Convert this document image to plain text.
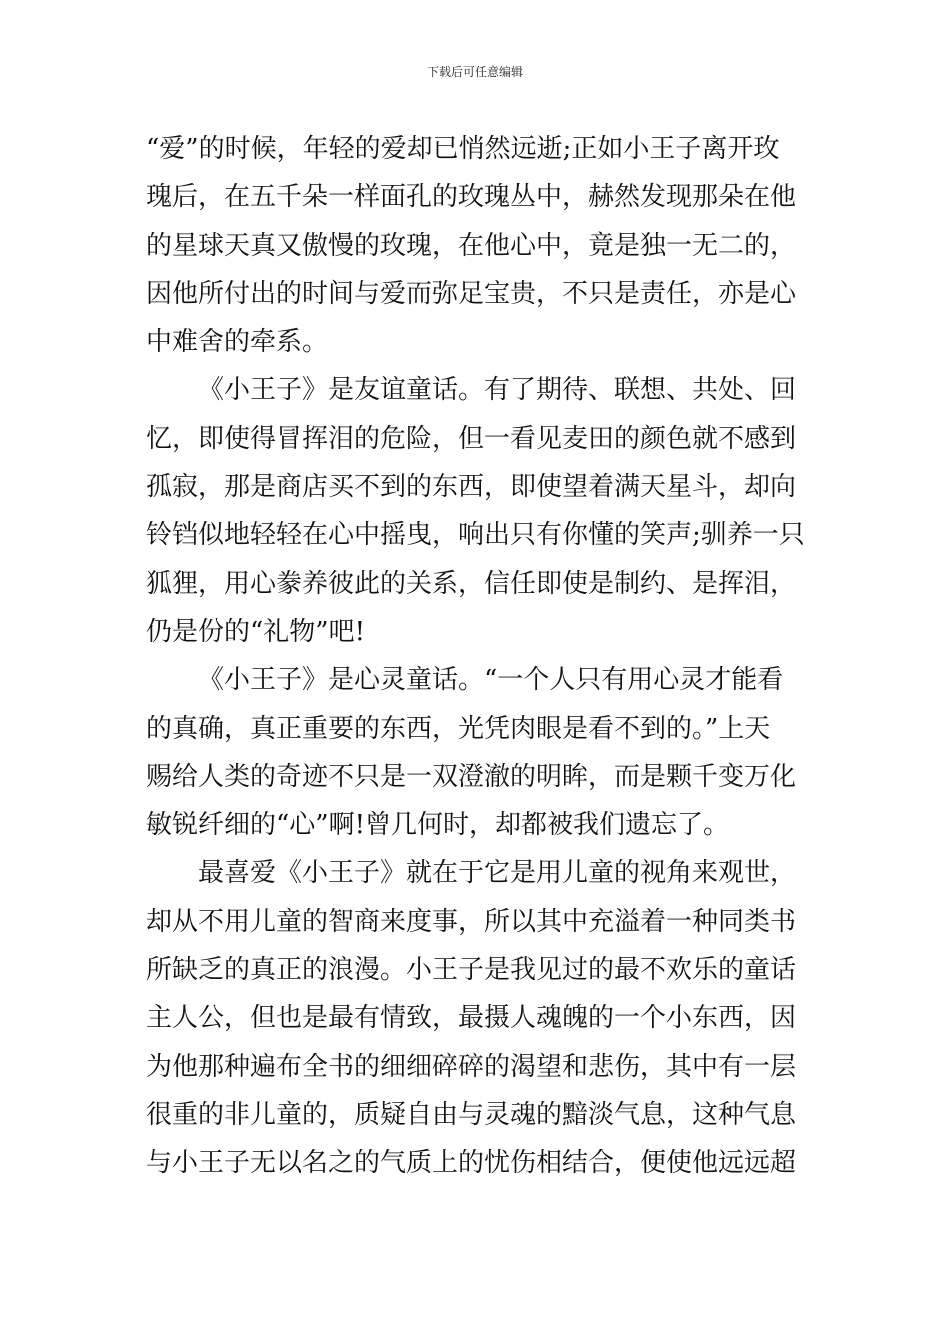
下载后可任意编辑
“爱”的时候，年轻的爱却已悄然远逝;正如小王子离开玫
瑰后，在五千朵一样面孔的玫瑰丛中，赫然发现那朵在他
的星球天真又傲慢的玫瑰，在他心中，竟是独一无二的，
因他所付出的时间与爱而弥足宝贵，不只是责任，亦是心
中难舍的牵系。
《小王子》是友谊童话。有了期待、联想、共处、回
忆，即使得冒挥泪的危险，但一看见麦田的颜色就不感到
孤寂，那是商店买不到的东西，即使望着满天星斗，却向
铃铛似地轻轻在心中摇曳，响出只有你懂的笑声;驯养一只
狐狸，用心豢养彼此的关系，信任即使是制约、是挥泪，
仍是份的“礼物”吧!
《小王子》是心灵童话。“一个人只有用心灵才能看
的真确，真正重要的东西，光凭肉眼是看不到的。”上天
赐给人类的奇迹不只是一双澄澈的明眸，而是颗千变万化
敏锐纤细的“心”啊!曾几何时，却都被我们遗忘了。
最喜爱《小王子》就在于它是用儿童的视角来观世，
却从不用儿童的智商来度事，所以其中充溢着一种同类书
所缺乏的真正的浪漫。小王子是我见过的最不欢乐的童话
主人公，但也是最有情致，最摄人魂魄的一个小东西，因
为他那种遍布全书的细细碎碎的渴望和悲伤，其中有一层
很重的非儿童的，质疑自由与灵魂的黯淡气息，这种气息
与小王子无以名之的气质上的忧伤相结合，便使他远远超
